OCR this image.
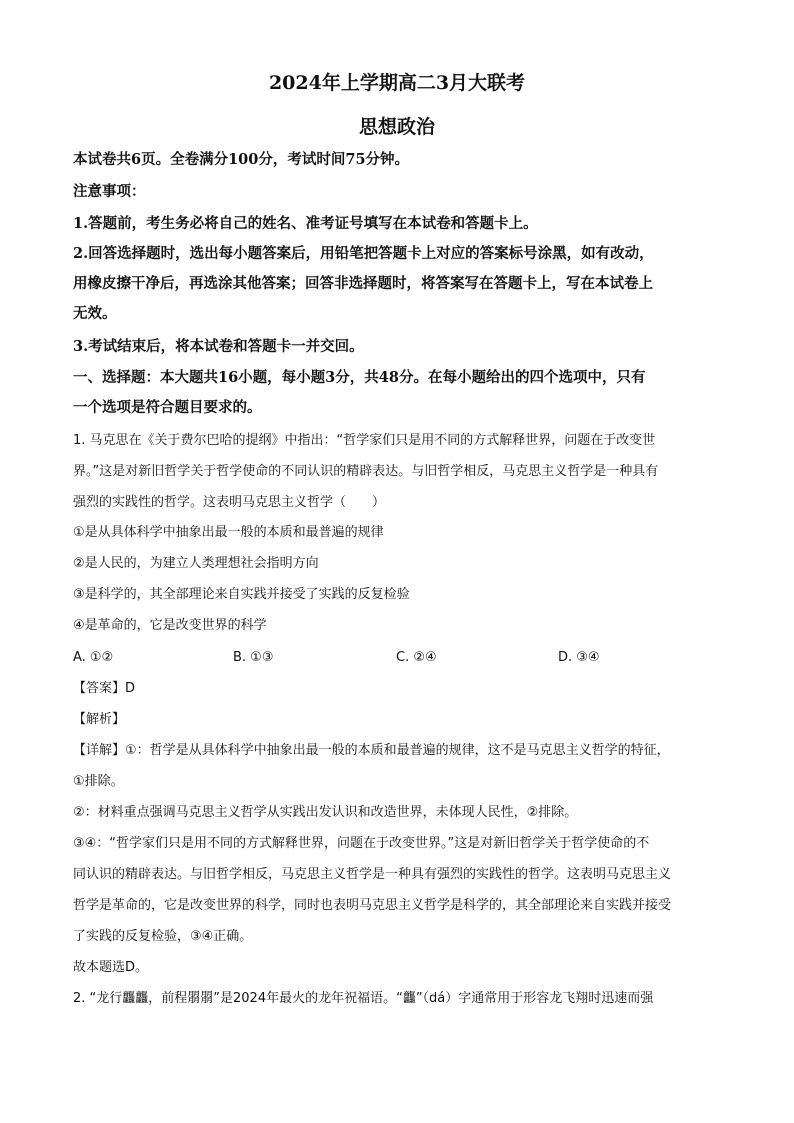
2024年上学期高二3月大联考
思想政治
本试卷共6页。全卷满分100分，考试时间75分钟。
注意事项：
1.答题前，考生务必将自己的姓名、准考证号填写在本试卷和答题卡上。
2.回答选择题时，选出每小题答案后，用铅笔把答题卡上对应的答案标号涂黑，如有改动，
用橡皮擦干净后，再选涂其他答案；回答非选择题时，将答案写在答题卡上，写在本试卷上
无效。
3.考试结束后，将本试卷和答题卡一并交回。
一、选择题：本大题共16小题，每小题3分，共48分。在每小题给出的四个选项中，只有
一个选项是符合题目要求的。
1. 马克思在《关于费尔巴哈的提纲》中指出：“哲学家们只是用不同的方式解释世界，问题在于改变世
界。”这是对新旧哲学关于哲学使命的不同认识的精辟表达。与旧哲学相反，马克思主义哲学是一种具有
强烈的实践性的哲学。这表明马克思主义哲学（　　）
①是从具体科学中抽象出最一般的本质和最普遍的规律
②是人民的，为建立人类理想社会指明方向
③是科学的，其全部理论来自实践并接受了实践的反复检验
④是革命的，它是改变世界的科学
A. ①②	B. ①③	C. ②④	D. ③④
【答案】D
【解析】
【详解】①：哲学是从具体科学中抽象出最一般的本质和最普遍的规律，这不是马克思主义哲学的特征，
①排除。
②：材料重点强调马克思主义哲学从实践出发认识和改造世界，未体现人民性，②排除。
③④：“哲学家们只是用不同的方式解释世界，问题在于改变世界。”这是对新旧哲学关于哲学使命的不
同认识的精辟表达。与旧哲学相反，马克思主义哲学是一种具有强烈的实践性的哲学。这表明马克思主义
哲学是革命的，它是改变世界的科学，同时也表明马克思主义哲学是科学的，其全部理论来自实践并接受
了实践的反复检验，③④正确。
故本题选D。
2. “龙行龘龘，前程朤朤”是2024年最火的龙年祝福语。“龘”（dá）字通常用于形容龙飞翔时迅速而强
